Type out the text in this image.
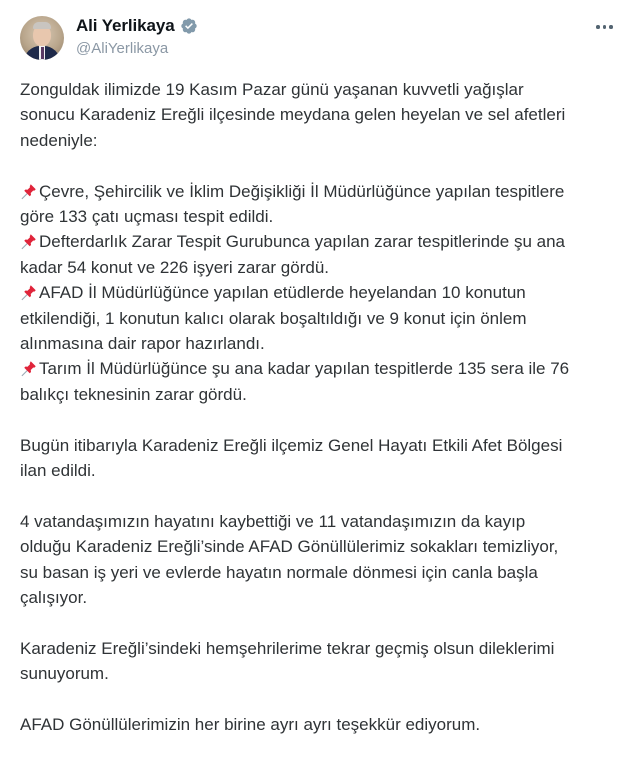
Ali Yerlikaya
@AliYerlikaya

Zonguldak ilimizde 19 Kasım Pazar günü yaşanan kuvvetli yağışlar
sonucu Karadeniz Ereğli ilçesinde meydana gelen heyelan ve sel afetleri
nedeniyle:

Çevre, Şehircilik ve İklim Değişikliği İl Müdürlüğünce yapılan tespitlere
göre 133 çatı uçması tespit edildi.
Defterdarlık Zarar Tespit Gurubunca yapılan zarar tespitlerinde şu ana
kadar 54 konut ve 226 işyeri zarar gördü.
AFAD İl Müdürlüğünce yapılan etüdlerde heyelandan 10 konutun
etkilendiği, 1 konutun kalıcı olarak boşaltıldığı ve 9 konut için önlem
alınmasına dair rapor hazırlandı.
Tarım İl Müdürlüğünce şu ana kadar yapılan tespitlerde 135 sera ile 76
balıkçı teknesinin zarar gördü.

Bugün itibarıyla Karadeniz Ereğli ilçemiz Genel Hayatı Etkili Afet Bölgesi
ilan edildi.

4 vatandaşımızın hayatını kaybettiği ve 11 vatandaşımızın da kayıp
olduğu Karadeniz Ereğli’sinde AFAD Gönüllülerimiz sokakları temizliyor,
su basan iş yeri ve evlerde hayatın normale dönmesi için canla başla
çalışıyor.

Karadeniz Ereğli’sindeki hemşehrilerime tekrar geçmiş olsun dileklerimi
sunuyorum.

AFAD Gönüllülerimizin her birine ayrı ayrı teşekkür ediyorum.
